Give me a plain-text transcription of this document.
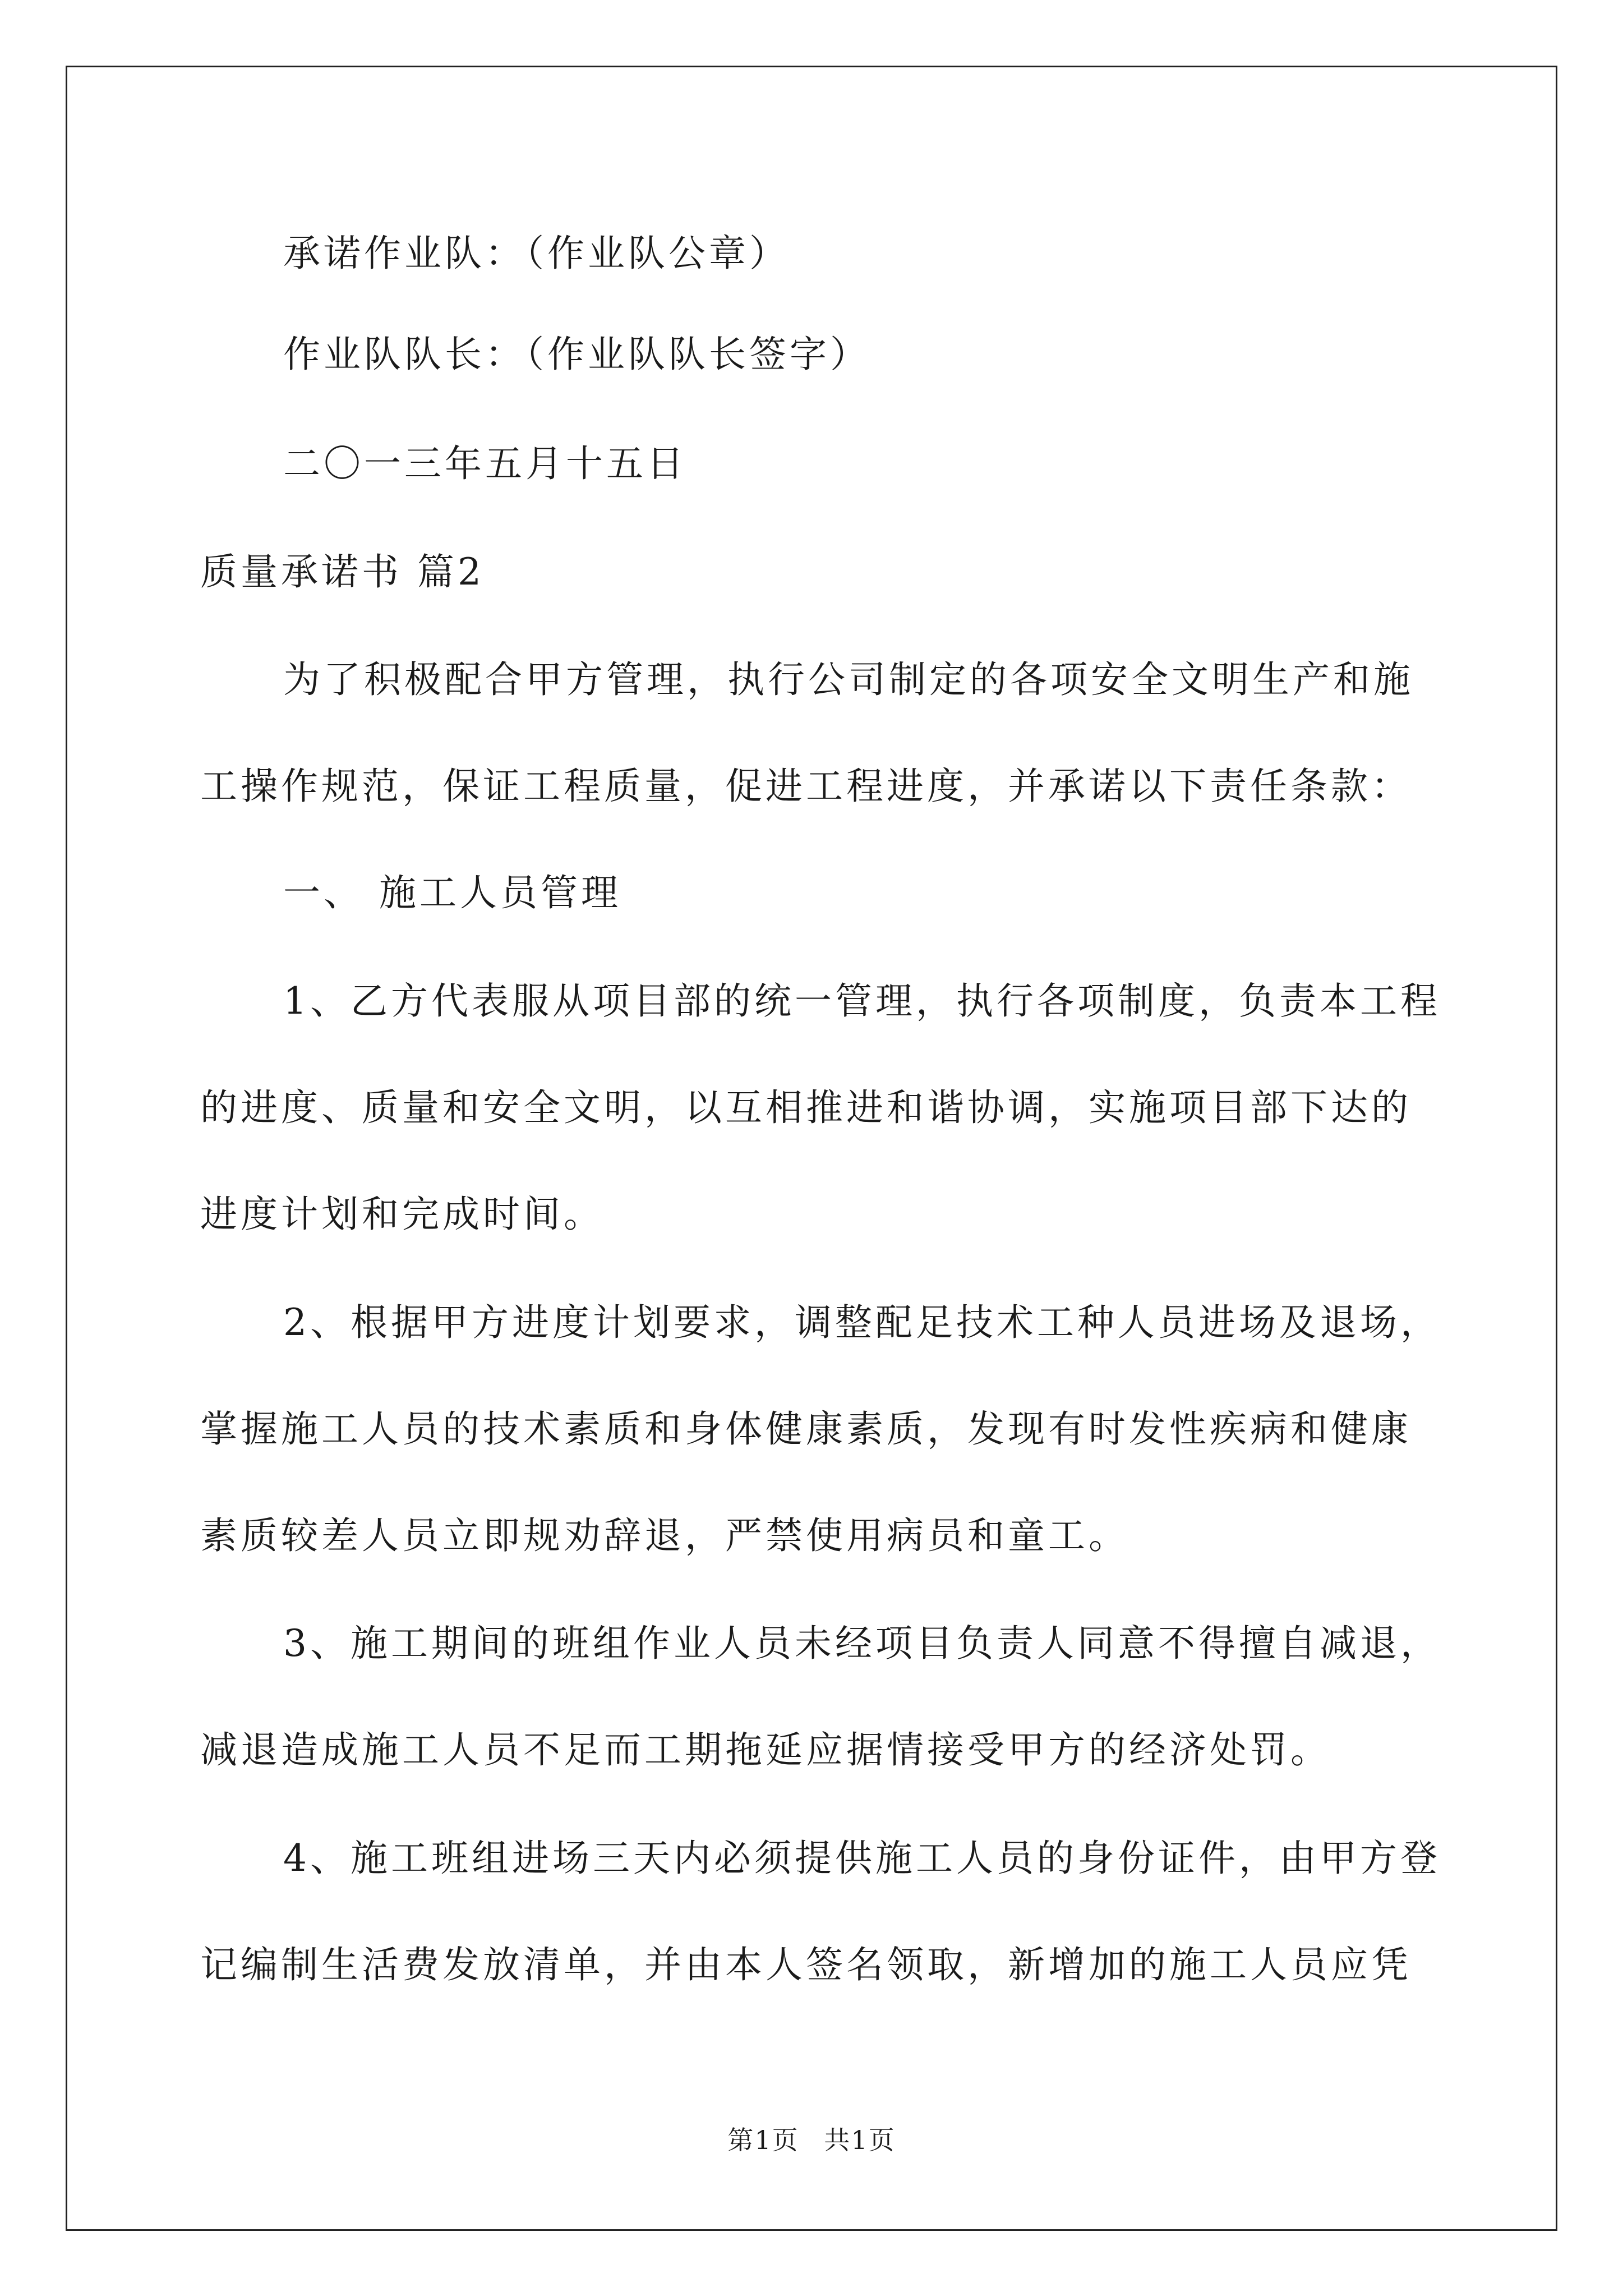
承诺作业队：（作业队公章）
作业队队长：（作业队队长签字）
二〇一三年五月十五日
质量承诺书 篇2
为了积极配合甲方管理，执行公司制定的各项安全文明生产和施
工操作规范，保证工程质量，促进工程进度，并承诺以下责任条款：
一、 施工人员管理
1、乙方代表服从项目部的统一管理，执行各项制度，负责本工程
的进度、质量和安全文明，以互相推进和谐协调，实施项目部下达的
进度计划和完成时间。
2、根据甲方进度计划要求，调整配足技术工种人员进场及退场，
掌握施工人员的技术素质和身体健康素质，发现有时发性疾病和健康
素质较差人员立即规劝辞退，严禁使用病员和童工。
3、施工期间的班组作业人员未经项目负责人同意不得擅自减退，
减退造成施工人员不足而工期拖延应据情接受甲方的经济处罚。
4、施工班组进场三天内必须提供施工人员的身份证件，由甲方登
记编制生活费发放清单，并由本人签名领取，新增加的施工人员应凭
第1页 共1页
